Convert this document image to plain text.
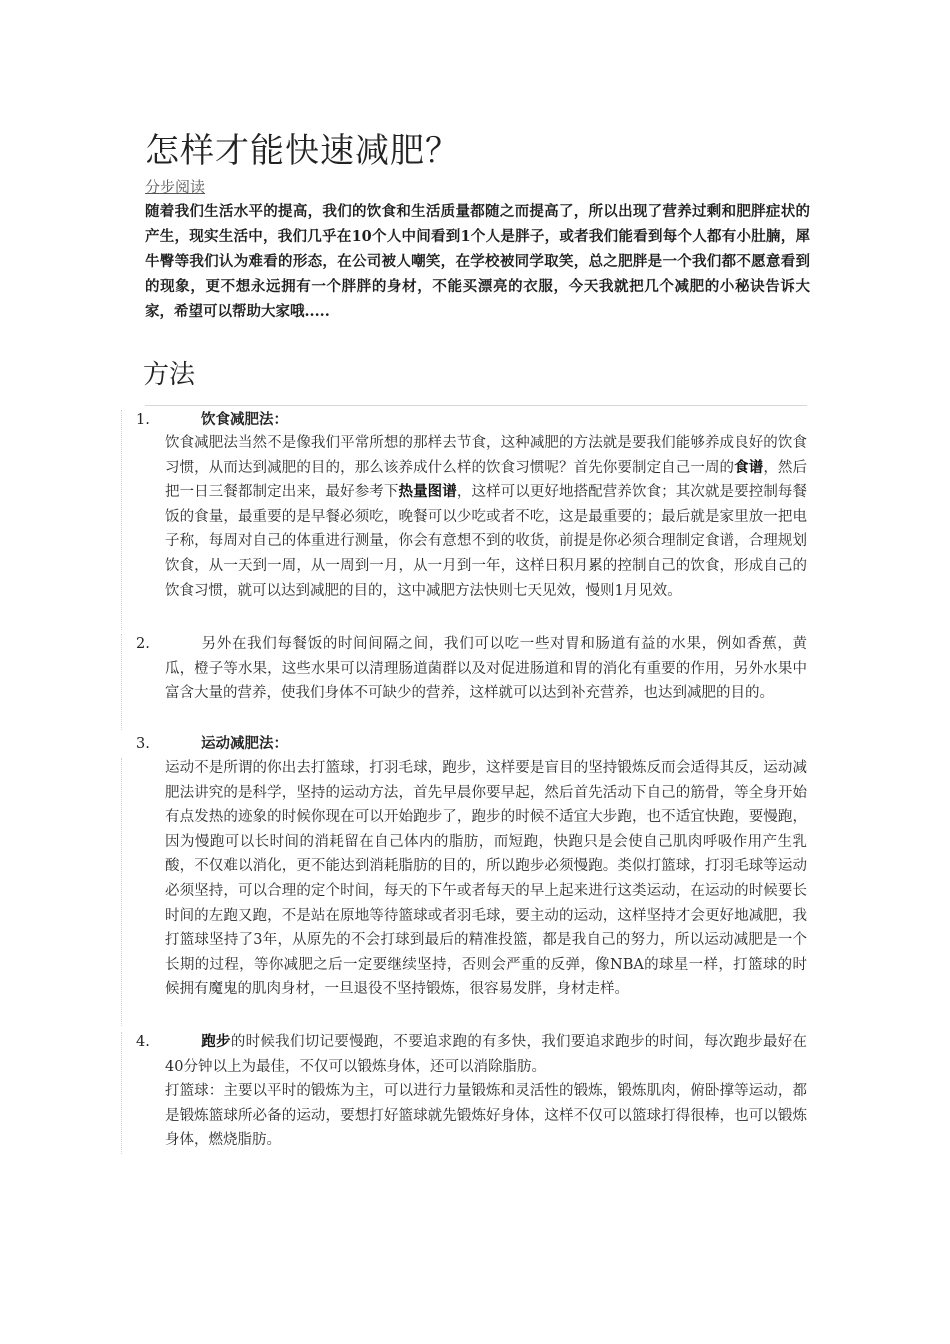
怎样才能快速减肥？
分步阅读

随着我们生活水平的提高，我们的饮食和生活质量都随之而提高了，所以出现了营养过剩和肥胖症状的产生，现实生活中，我们几乎在10个人中间看到1个人是胖子，或者我们能看到每个人都有小肚腩，犀牛臀等我们认为难看的形态，在公司被人嘲笑，在学校被同学取笑，总之肥胖是一个我们都不愿意看到的现象，更不想永远拥有一个胖胖的身材，不能买漂亮的衣服，今天我就把几个减肥的小秘诀告诉大家，希望可以帮助大家哦.....

方法
1.	饮食减肥法：

饮食减肥法当然不是像我们平常所想的那样去节食，这种减肥的方法就是要我们能够养成良好的饮食习惯，从而达到减肥的目的，那么该养成什么样的饮食习惯呢？首先你要制定自己一周的食谱，然后把一日三餐都制定出来，最好参考下热量图谱，这样可以更好地搭配营养饮食；其次就是要控制每餐饭的食量，最重要的是早餐必须吃，晚餐可以少吃或者不吃，这是最重要的；最后就是家里放一把电子称，每周对自己的体重进行测量，你会有意想不到的收货，前提是你必须合理制定食谱，合理规划饮食，从一天到一周，从一周到一月，从一月到一年，这样日积月累的控制自己的饮食，形成自己的饮食习惯，就可以达到减肥的目的，这中减肥方法快则七天见效，慢则1月见效。

2.	另外在我们每餐饭的时间间隔之间，我们可以吃一些对胃和肠道有益的水果，例如香蕉，黄瓜，橙子等水果，这些水果可以清理肠道菌群以及对促进肠道和胃的消化有重要的作用，另外水果中富含大量的营养，使我们身体不可缺少的营养，这样就可以达到补充营养，也达到减肥的目的。

3.	运动减肥法：

运动不是所谓的你出去打篮球，打羽毛球，跑步，这样要是盲目的坚持锻炼反而会适得其反，运动减肥法讲究的是科学，坚持的运动方法，首先早晨你要早起，然后首先活动下自己的筋骨，等全身开始有点发热的迹象的时候你现在可以开始跑步了，跑步的时候不适宜大步跑，也不适宜快跑，要慢跑，因为慢跑可以长时间的消耗留在自己体内的脂肪，而短跑，快跑只是会使自己肌肉呼吸作用产生乳酸，不仅难以消化，更不能达到消耗脂肪的目的，所以跑步必须慢跑。类似打篮球，打羽毛球等运动必须坚持，可以合理的定个时间，每天的下午或者每天的早上起来进行这类运动，在运动的时候要长时间的左跑又跑，不是站在原地等待篮球或者羽毛球，要主动的运动，这样坚持才会更好地减肥，我打篮球坚持了3年，从原先的不会打球到最后的精准投篮，都是我自己的努力，所以运动减肥是一个长期的过程，等你减肥之后一定要继续坚持，否则会严重的反弹，像NBA的球星一样，打篮球的时候拥有魔鬼的肌肉身材，一旦退役不坚持锻炼，很容易发胖，身材走样。

4.	跑步的时候我们切记要慢跑，不要追求跑的有多快，我们要追求跑步的时间，每次跑步最好在40分钟以上为最佳，不仅可以锻炼身体，还可以消除脂肪。

打篮球：主要以平时的锻炼为主，可以进行力量锻炼和灵活性的锻炼，锻炼肌肉，俯卧撑等运动，都是锻炼篮球所必备的运动，要想打好篮球就先锻炼好身体，这样不仅可以篮球打得很棒，也可以锻炼身体，燃烧脂肪。
